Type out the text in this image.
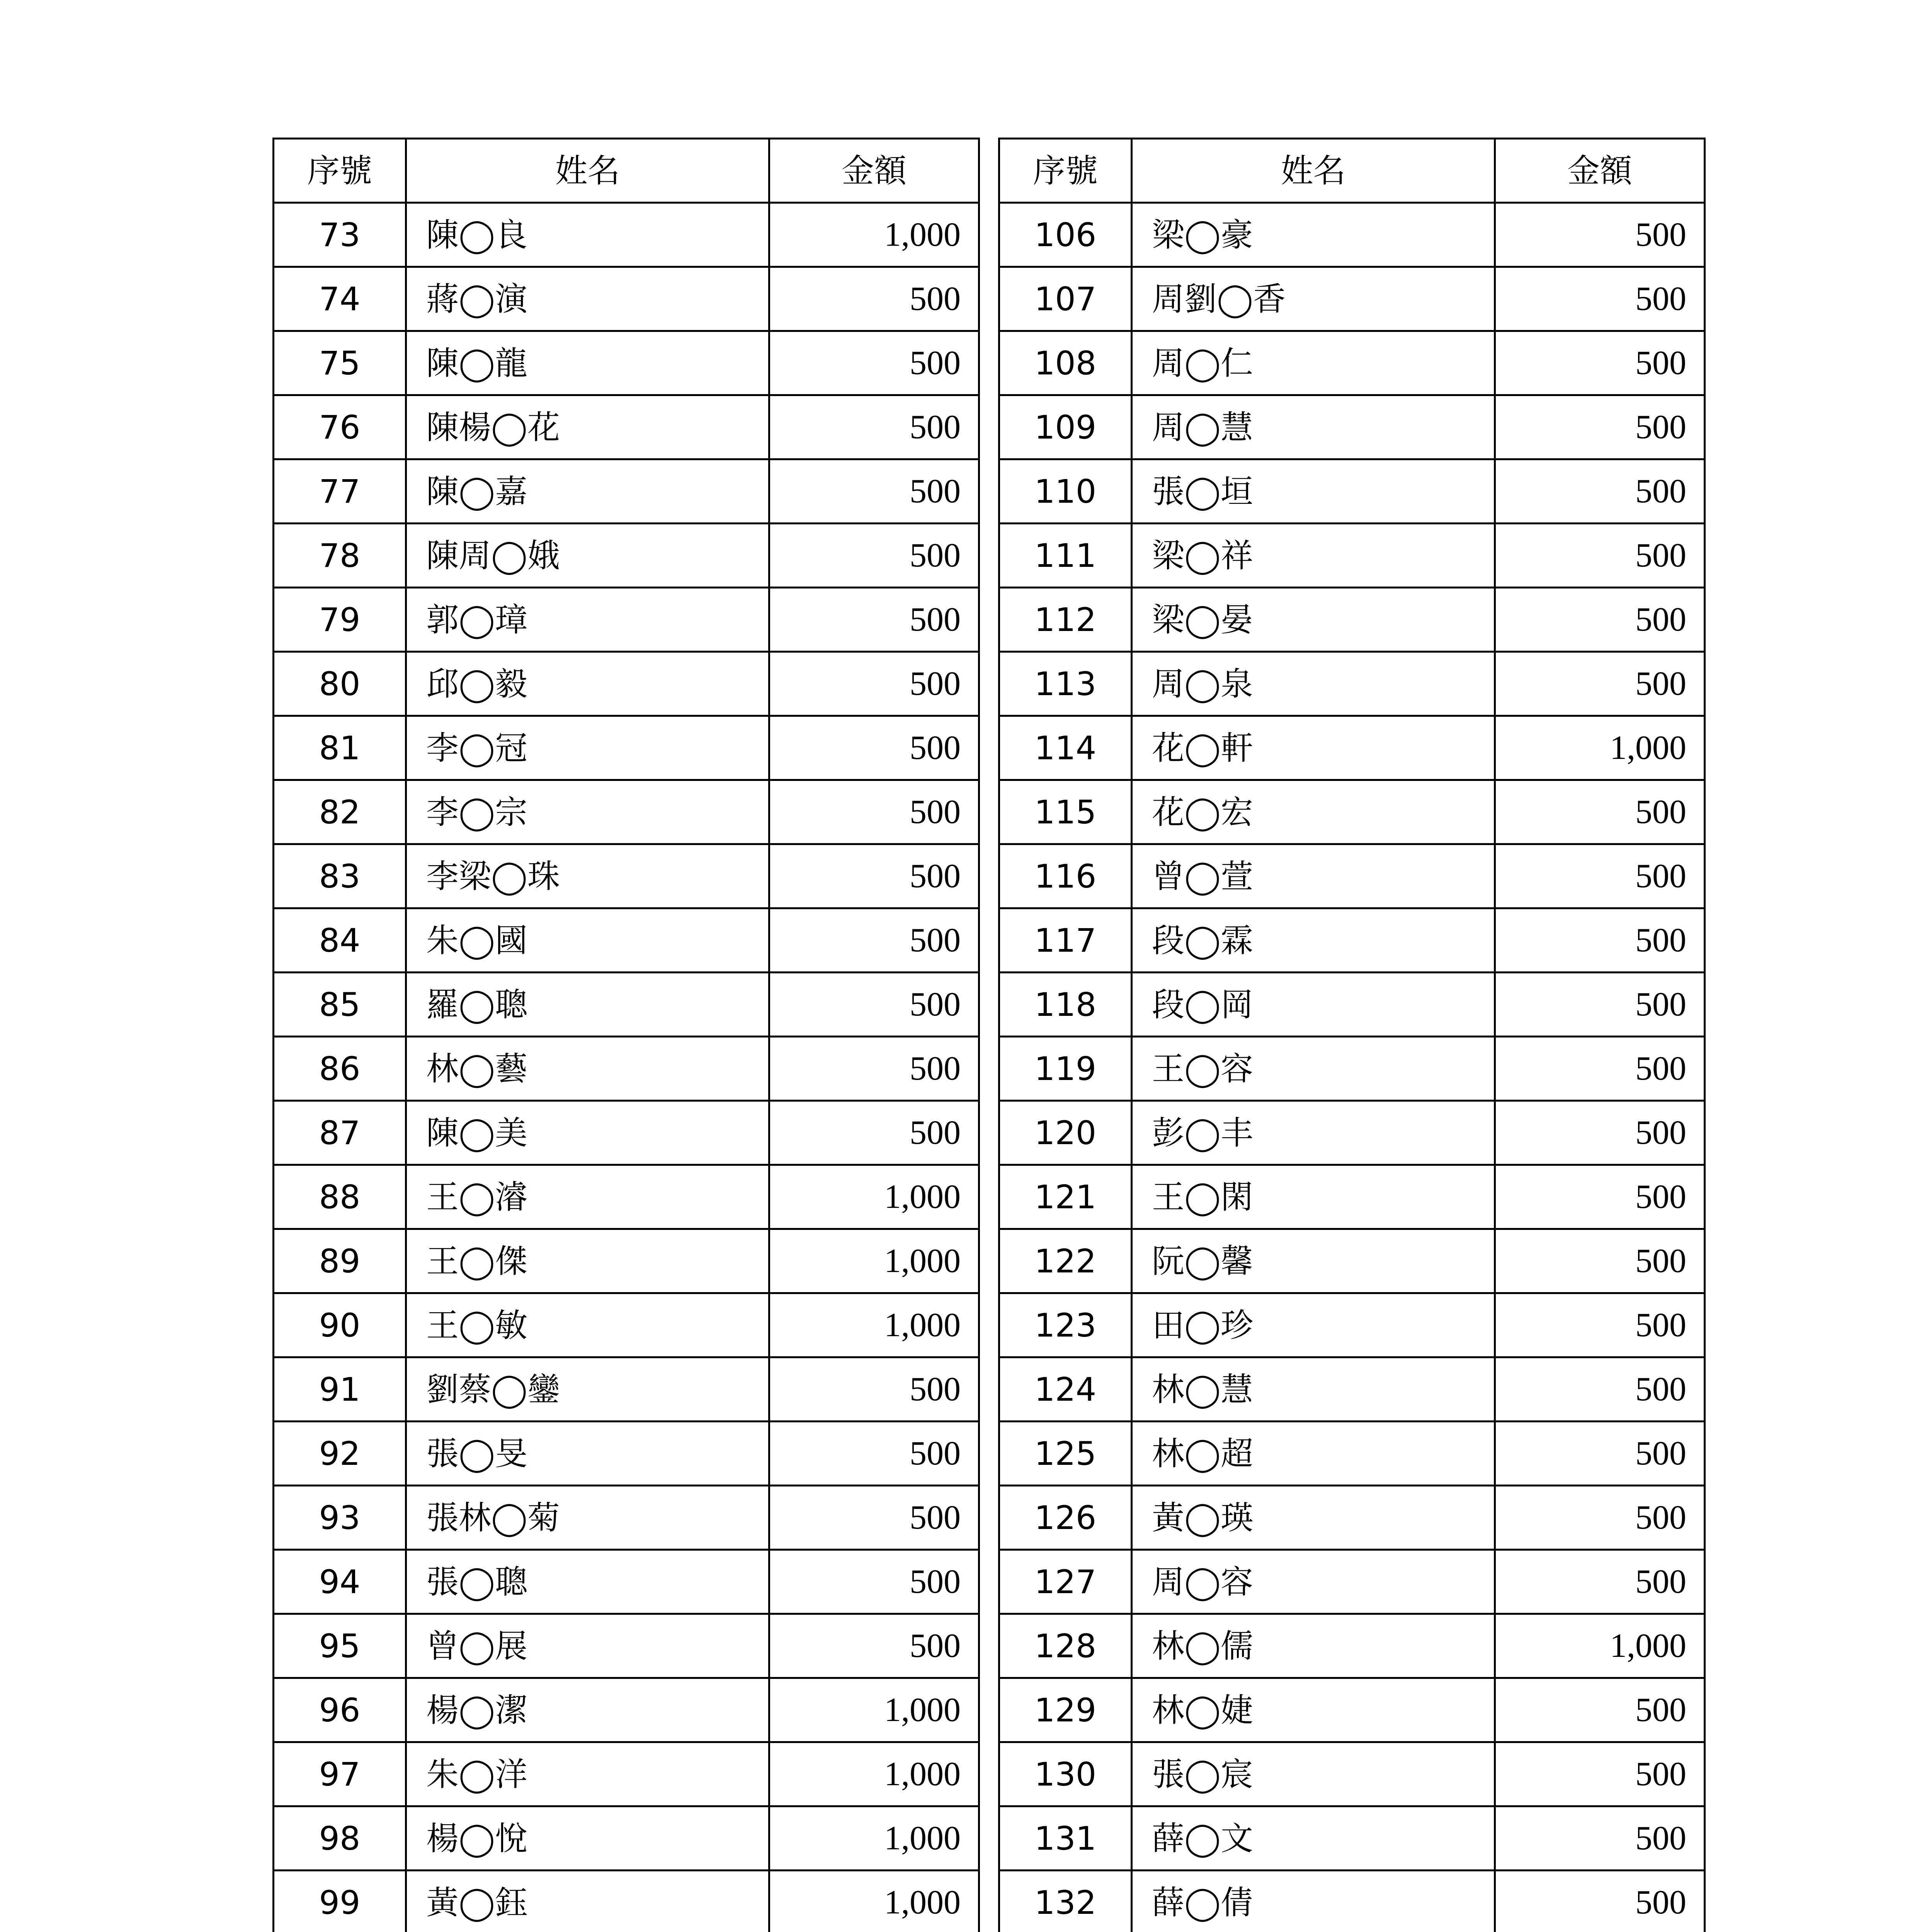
序號	姓名	金額
73	陳◯良	1,000
74	蔣◯演	500
75	陳◯龍	500
76	陳楊◯花	500
77	陳◯嘉	500
78	陳周◯娥	500
79	郭◯璋	500
80	邱◯毅	500
81	李◯冠	500
82	李◯宗	500
83	李梁◯珠	500
84	朱◯國	500
85	羅◯聰	500
86	林◯藝	500
87	陳◯美	500
88	王◯濬	1,000
89	王◯傑	1,000
90	王◯敏	1,000
91	劉蔡◯鑾	500
92	張◯旻	500
93	張林◯菊	500
94	張◯聰	500
95	曾◯展	500
96	楊◯潔	1,000
97	朱◯洋	1,000
98	楊◯悅	1,000
99	黃◯鈺	1,000

序號	姓名	金額
106	梁◯豪	500
107	周劉◯香	500
108	周◯仁	500
109	周◯慧	500
110	張◯垣	500
111	梁◯祥	500
112	梁◯晏	500
113	周◯泉	500
114	花◯軒	1,000
115	花◯宏	500
116	曾◯萱	500
117	段◯霖	500
118	段◯岡	500
119	王◯容	500
120	彭◯丰	500
121	王◯閑	500
122	阮◯馨	500
123	田◯珍	500
124	林◯慧	500
125	林◯超	500
126	黃◯瑛	500
127	周◯容	500
128	林◯儒	1,000
129	林◯婕	500
130	張◯宸	500
131	薛◯文	500
132	薛◯倩	500
